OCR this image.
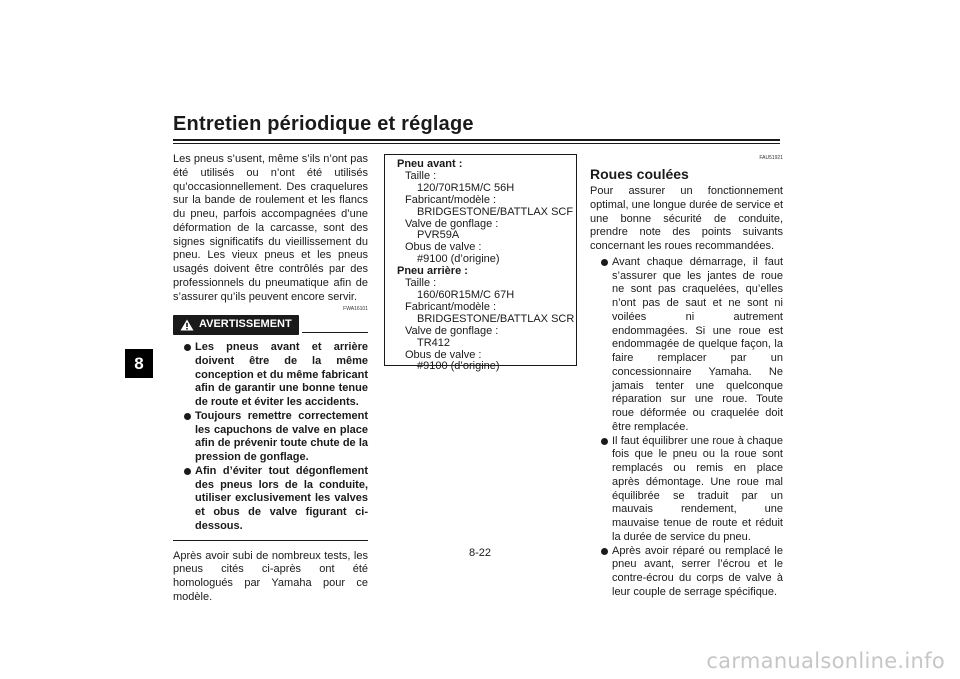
Entretien périodique et réglage
8

Les pneus s’usent, même s’ils n’ont pas été utilisés ou n’ont été utilisés qu’occasionnellement. Des craquelures sur la bande de roulement et les flancs du pneu, parfois accompagnées d’une déformation de la carcasse, sont des signes significatifs du vieillissement du pneu. Les vieux pneus et les pneus usagés doivent être contrôlés par des professionnels du pneumatique afin de s’assurer qu’ils peuvent encore servir.

FWA16101
AVERTISSEMENT
Les pneus avant et arrière doivent être de la même conception et du même fabricant afin de garantir une bonne tenue de route et éviter les accidents.
Toujours remettre correctement les capuchons de valve en place afin de prévenir toute chute de la pression de gonflage.
Afin d’éviter tout dégonflement des pneus lors de la conduite, utiliser exclusivement les valves et obus de valve figurant ci-dessous.

Après avoir subi de nombreux tests, les pneus cités ci-après ont été homologués par Yamaha pour ce modèle.

Pneu avant :
Taille :
120/70R15M/C 56H
Fabricant/modèle :
BRIDGESTONE/BATTLAX SCF
Valve de gonflage :
PVR59A
Obus de valve :
#9100 (d’origine)
Pneu arrière :
Taille :
160/60R15M/C 67H
Fabricant/modèle :
BRIDGESTONE/BATTLAX SCR
Valve de gonflage :
TR412
Obus de valve :
#9100 (d’origine)
FAU51921
Roues coulées

Pour assurer un fonctionnement optimal, une longue durée de service et une bonne sécurité de conduite, prendre note des points suivants concernant les roues recommandées.

Avant chaque démarrage, il faut s’assurer que les jantes de roue ne sont pas craquelées, qu’elles n’ont pas de saut et ne sont ni voilées ni autrement endommagées. Si une roue est endommagée de quelque façon, la faire remplacer par un concessionnaire Yamaha. Ne jamais tenter une quelconque réparation sur une roue. Toute roue déformée ou craquelée doit être remplacée.
Il faut équilibrer une roue à chaque fois que le pneu ou la roue sont remplacés ou remis en place après démontage. Une roue mal équilibrée se traduit par un mauvais rendement, une mauvaise tenue de route et réduit la durée de service du pneu.
Après avoir réparé ou remplacé le pneu avant, serrer l’écrou et le contre-écrou du corps de valve à leur couple de serrage spécifique.
8-22
carmanualsonline.info
